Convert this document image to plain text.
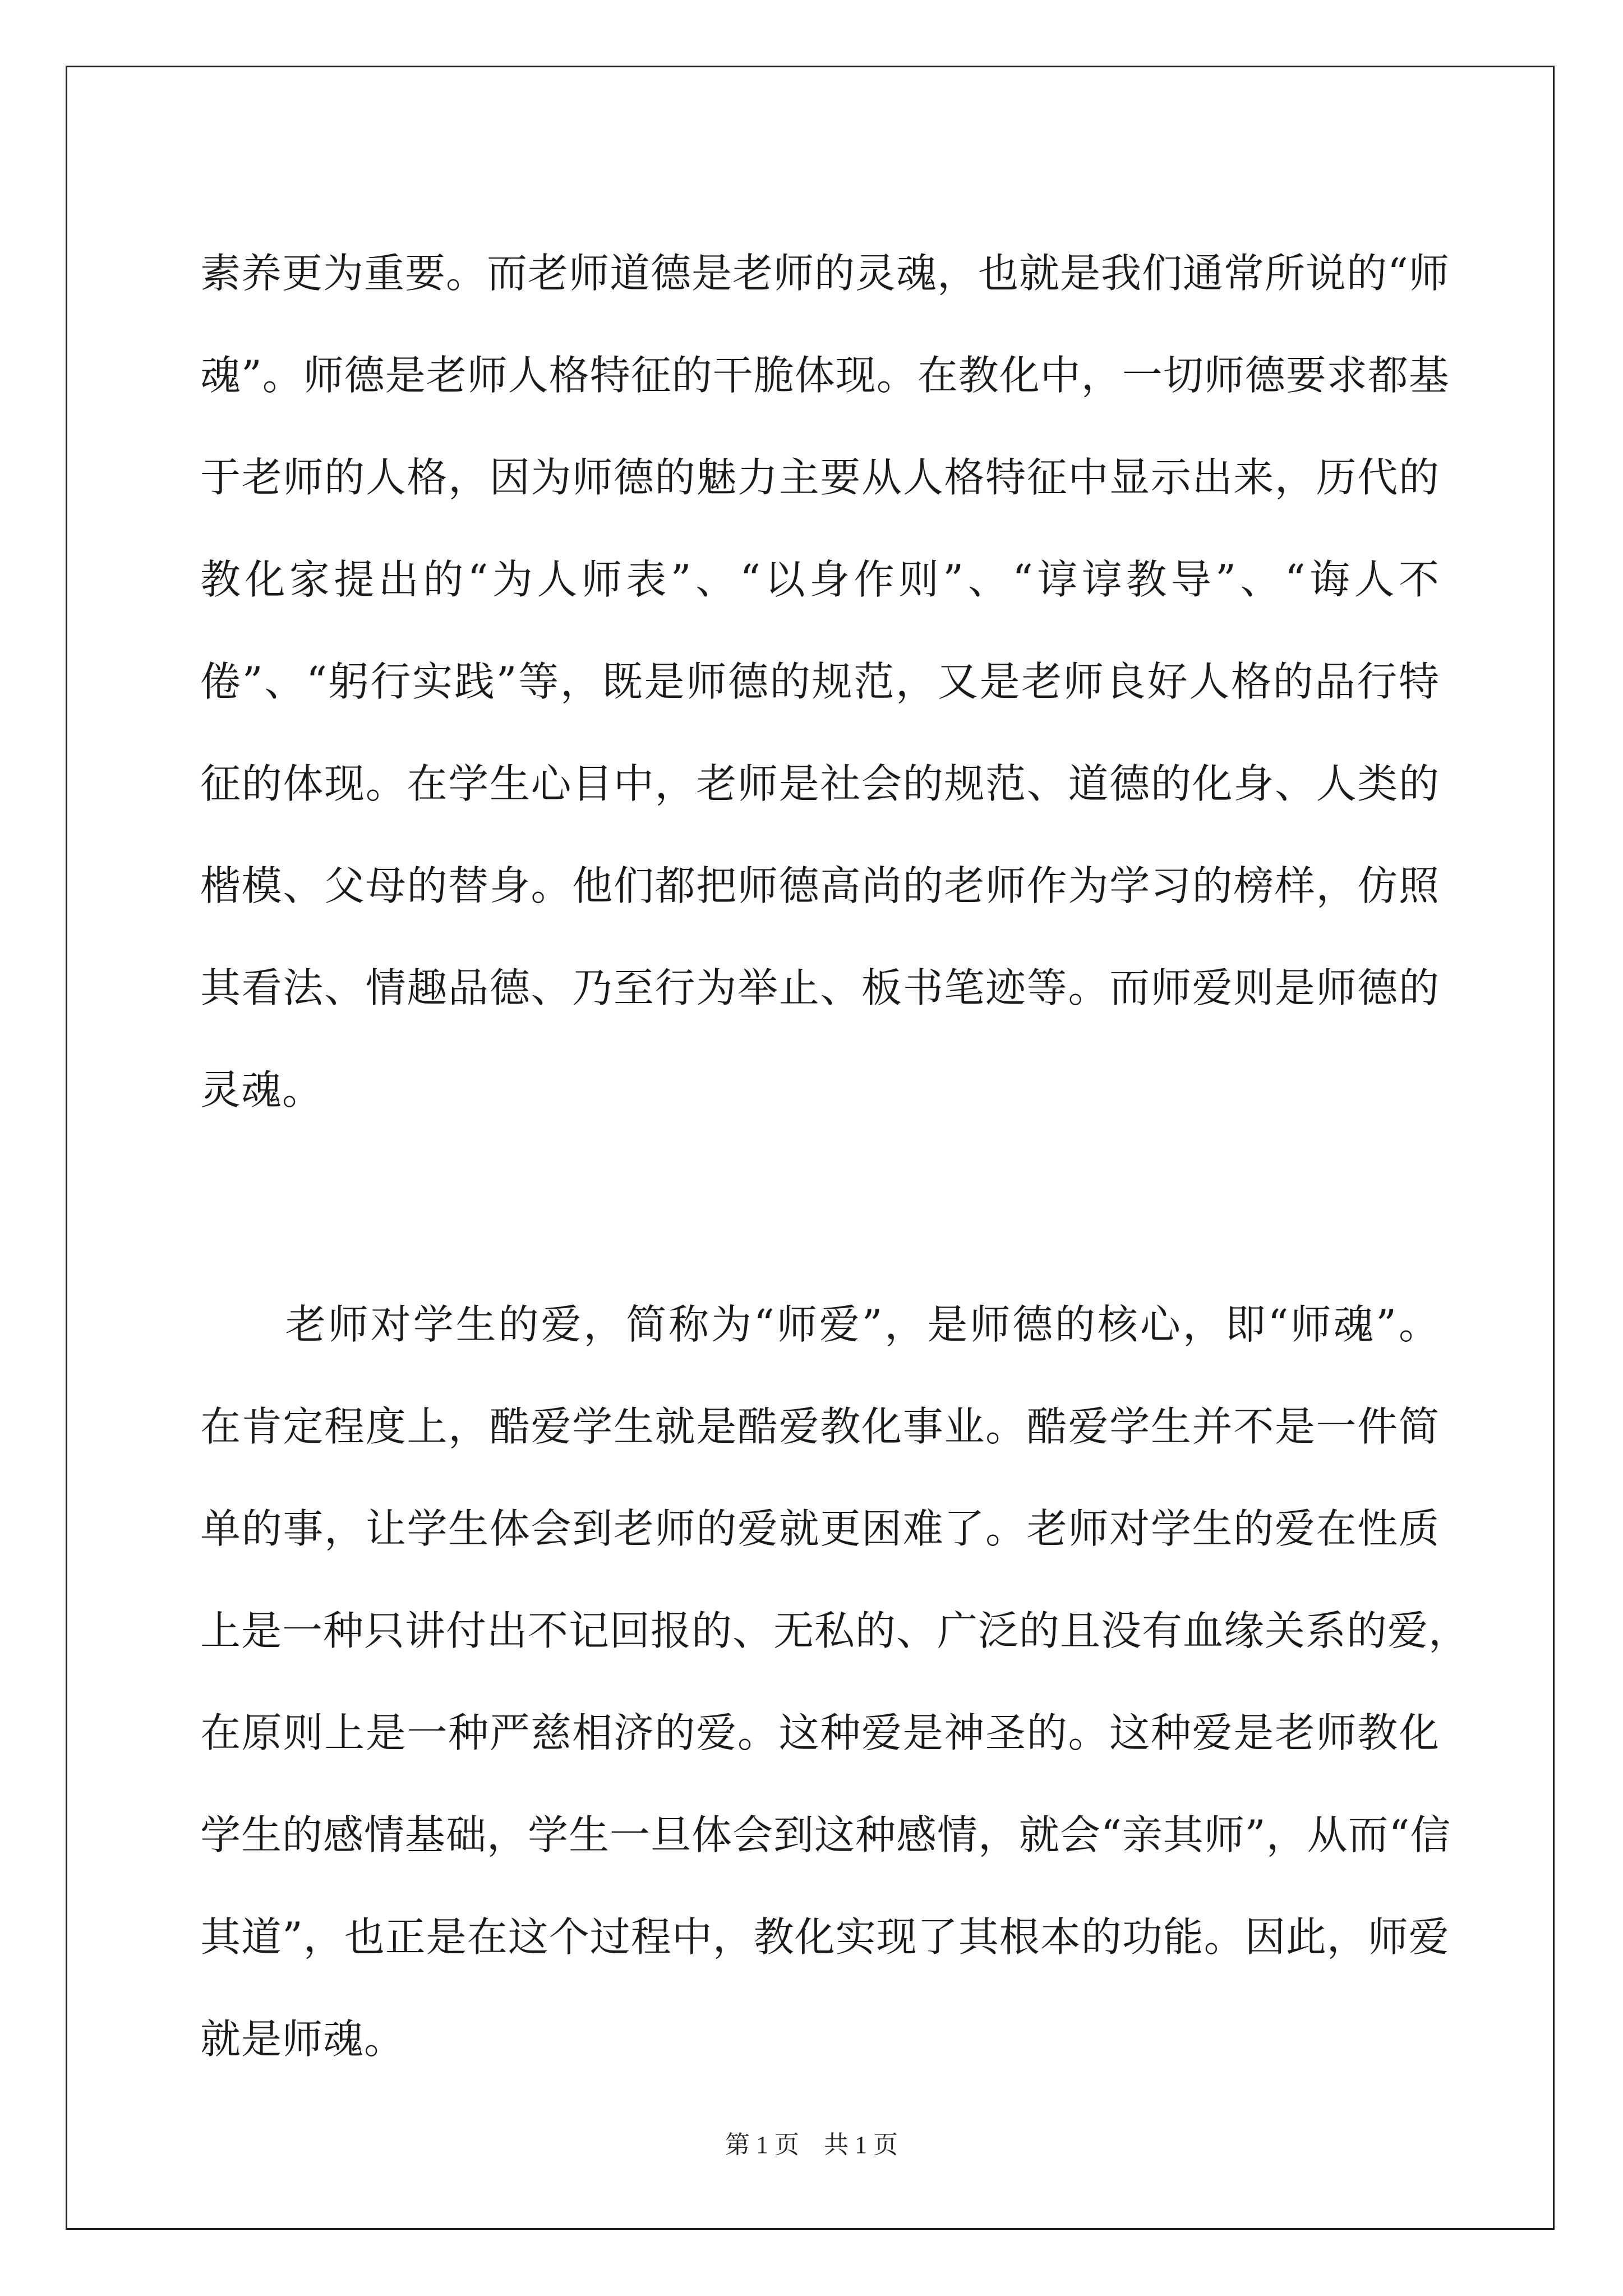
素养更为重要。而老师道德是老师的灵魂，也就是我们通常所说的“师
魂”。师德是老师人格特征的干脆体现。在教化中，一切师德要求都基
于老师的人格，因为师德的魅力主要从人格特征中显示出来，历代的
教化家提出的“为人师表”、“以身作则”、“谆谆教导”、“诲人不
倦”、“躬行实践”等，既是师德的规范，又是老师良好人格的品行特
征的体现。在学生心目中，老师是社会的规范、道德的化身、人类的
楷模、父母的替身。他们都把师德高尚的老师作为学习的榜样，仿照
其看法、情趣品德、乃至行为举止、板书笔迹等。而师爱则是师德的
灵魂。
　　老师对学生的爱，简称为“师爱”，是师德的核心，即“师魂”。
在肯定程度上，酷爱学生就是酷爱教化事业。酷爱学生并不是一件简
单的事，让学生体会到老师的爱就更困难了。老师对学生的爱在性质
上是一种只讲付出不记回报的、无私的、广泛的且没有血缘关系的爱，
在原则上是一种严慈相济的爱。这种爱是神圣的。这种爱是老师教化
学生的感情基础，学生一旦体会到这种感情，就会“亲其师”，从而“信
其道”，也正是在这个过程中，教化实现了其根本的功能。因此，师爱
就是师魂。
第 1 页 共 1 页
